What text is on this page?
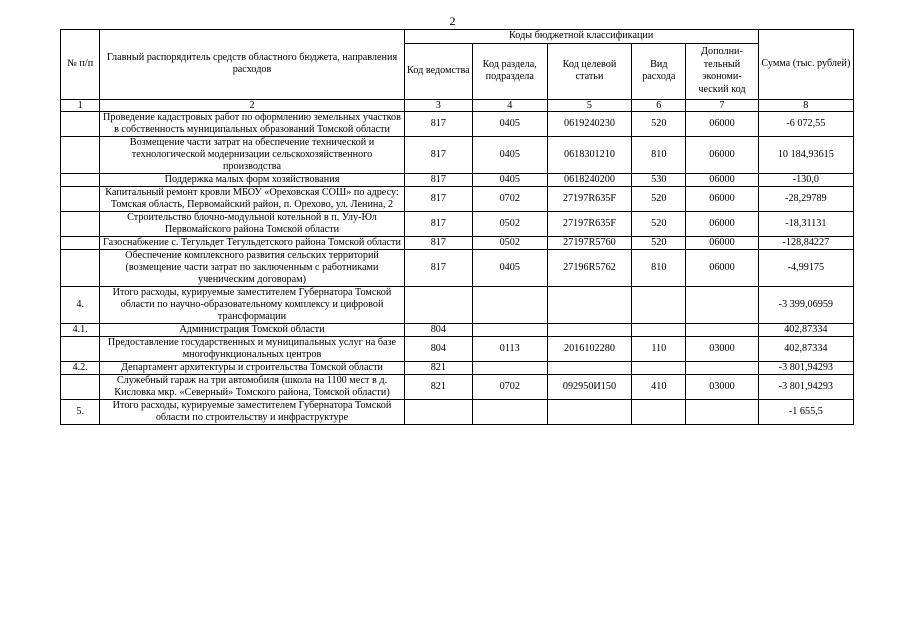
2
№ п/п	Главный распорядитель средств областного бюджета, направления расходов	Коды бюджетной классификации					Сумма (тыс. рублей)
		Код ведомства	Код раздела, подраздела	Код целевой статьи	Вид расхода	Дополни-тельный экономи-ческий код	
1	2	3	4	5	6	7	8
	Проведение кадастровых работ по оформлению земельных участков в собственность муниципальных образований Томской области	817	0405	0619240230	520	06000	-6 072,55
	Возмещение части затрат на обеспечение технической и технологической модернизации сельскохозяйственного производства	817	0405	0618301210	810	06000	10 184,93615
	Поддержка малых форм хозяйствования	817	0405	0618240200	530	06000	-130,0
	Капитальный ремонт кровли МБОУ «Ореховская СОШ» по адресу: Томская область, Первомайский район, п. Орехово, ул. Ленина, 2	817	0702	27197R635F	520	06000	-28,29789
	Строительство блочно-модульной котельной в п. Улу-Юл Первомайского района Томской области	817	0502	27197R635F	520	06000	-18,31131
	Газоснабжение с. Тегульдет Тегульдетского района Томской области	817	0502	27197R5760	520	06000	-128,84227
	Обеспечение комплексного развития сельских территорий (возмещение части затрат по заключенным с работниками ученическим договорам)	817	0405	27196R5762	810	06000	-4,99175
4.	Итого расходы, курируемые заместителем Губернатора Томской области по научно-образовательному комплексу и цифровой трансформации						-3 399,06959
4.1.	Администрация Томской области	804					402,87334
	Предоставление государственных и муниципальных услуг на базе многофункциональных центров	804	0113	2016102280	110	03000	402,87334
4.2.	Департамент архитектуры и строительства Томской области	821					-3 801,94293
	Служебный гараж на три автомобиля (школа на 1100 мест в д. Кисловка мкр. «Северный» Томского района, Томской области)	821	0702	092950И150	410	03000	-3 801,94293
5.	Итого расходы, курируемые заместителем Губернатора Томской области по строительству и инфраструктуре						-1 655,5
